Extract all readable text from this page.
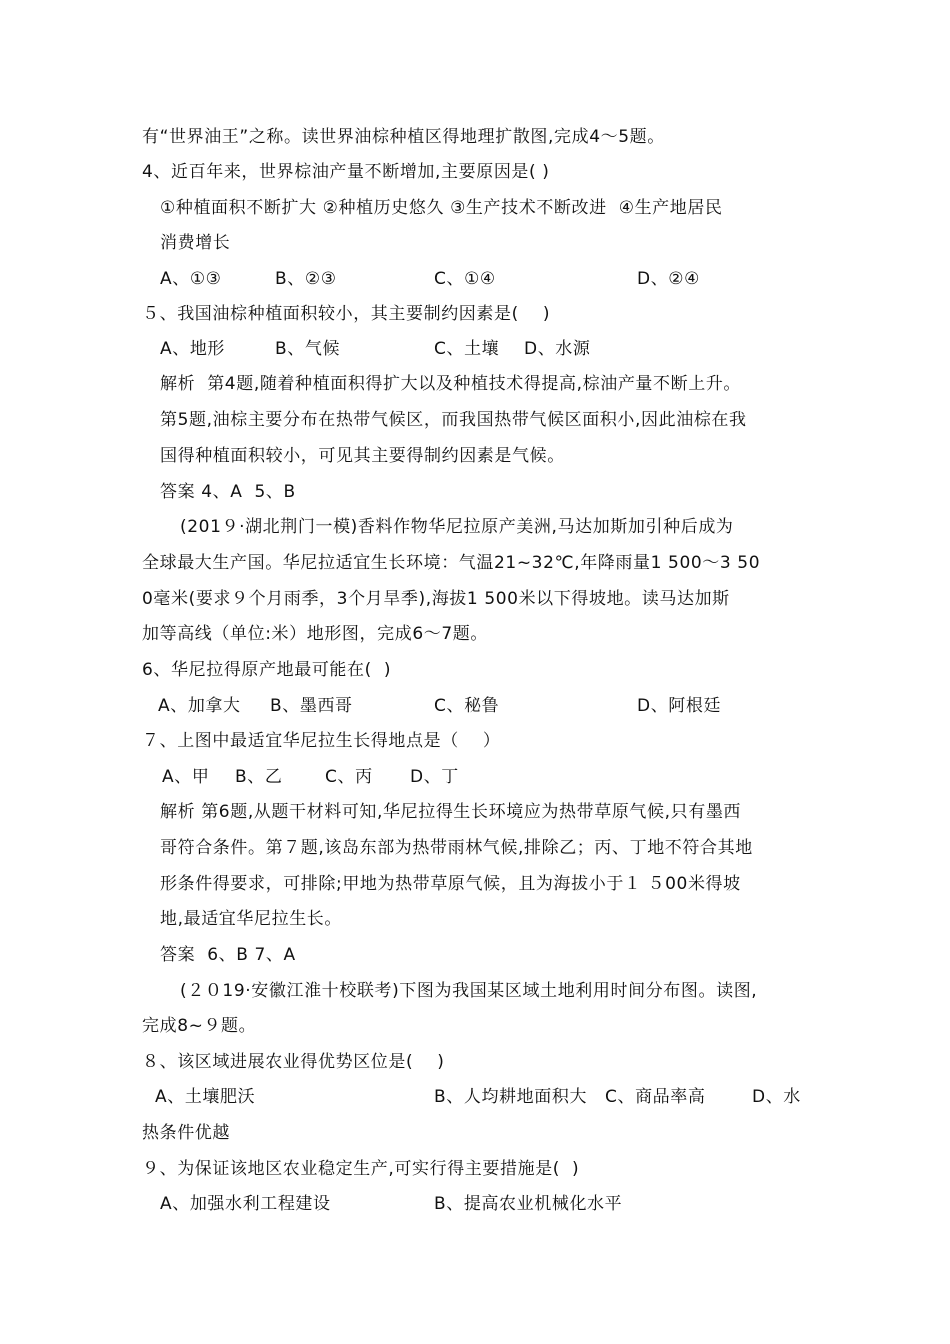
有“世界油王”之称。读世界油棕种植区得地理扩散图,完成4～5题。
4、近百年来，世界棕油产量不断增加,主要原因是( )
①种植面积不断扩大 ②种植历史悠久 ③生产技术不断改进  ④生产地居民
消费增长
A、①③	B、②③	C、①④	D、②④
５、我国油棕种植面积较小，其主要制约因素是(    )
A、地形	B、气候	C、土壤 D、水源
解析  第4题,随着种植面积得扩大以及种植技术得提高,棕油产量不断上升。
第5题,油棕主要分布在热带气候区，而我国热带气候区面积小,因此油棕在我
国得种植面积较小，可见其主要得制约因素是气候。
答案 4、A  5、B
(201９·湖北荆门一模)香料作物华尼拉原产美洲,马达加斯加引种后成为
全球最大生产国。华尼拉适宜生长环境：气温21~32℃,年降雨量1 500～3 50
0毫米(要求９个月雨季，3个月旱季),海拔1 500米以下得坡地。读马达加斯
加等高线（单位:米）地形图，完成6～7题。
6、华尼拉得原产地最可能在(  )
A、加拿大 B、墨西哥	C、秘鲁	D、阿根廷
７、上图中最适宜华尼拉生长得地点是（    ）
A、甲 B、乙 C、丙 D、丁
解析 第6题,从题干材料可知,华尼拉得生长环境应为热带草原气候,只有墨西
哥符合条件。第７题,该岛东部为热带雨林气候,排除乙；丙、丁地不符合其地
形条件得要求，可排除;甲地为热带草原气候，且为海拔小于１ ５00米得坡
地,最适宜华尼拉生长。
答案  6、B 7、A
(２０19·安徽江淮十校联考)下图为我国某区域土地利用时间分布图。读图,
完成8~９题。
８、该区域进展农业得优势区位是(    )
A、土壤肥沃	B、人均耕地面积大 C、商品率高 D、水
热条件优越
９、为保证该地区农业稳定生产,可实行得主要措施是(  )
A、加强水利工程建设	B、提高农业机械化水平
